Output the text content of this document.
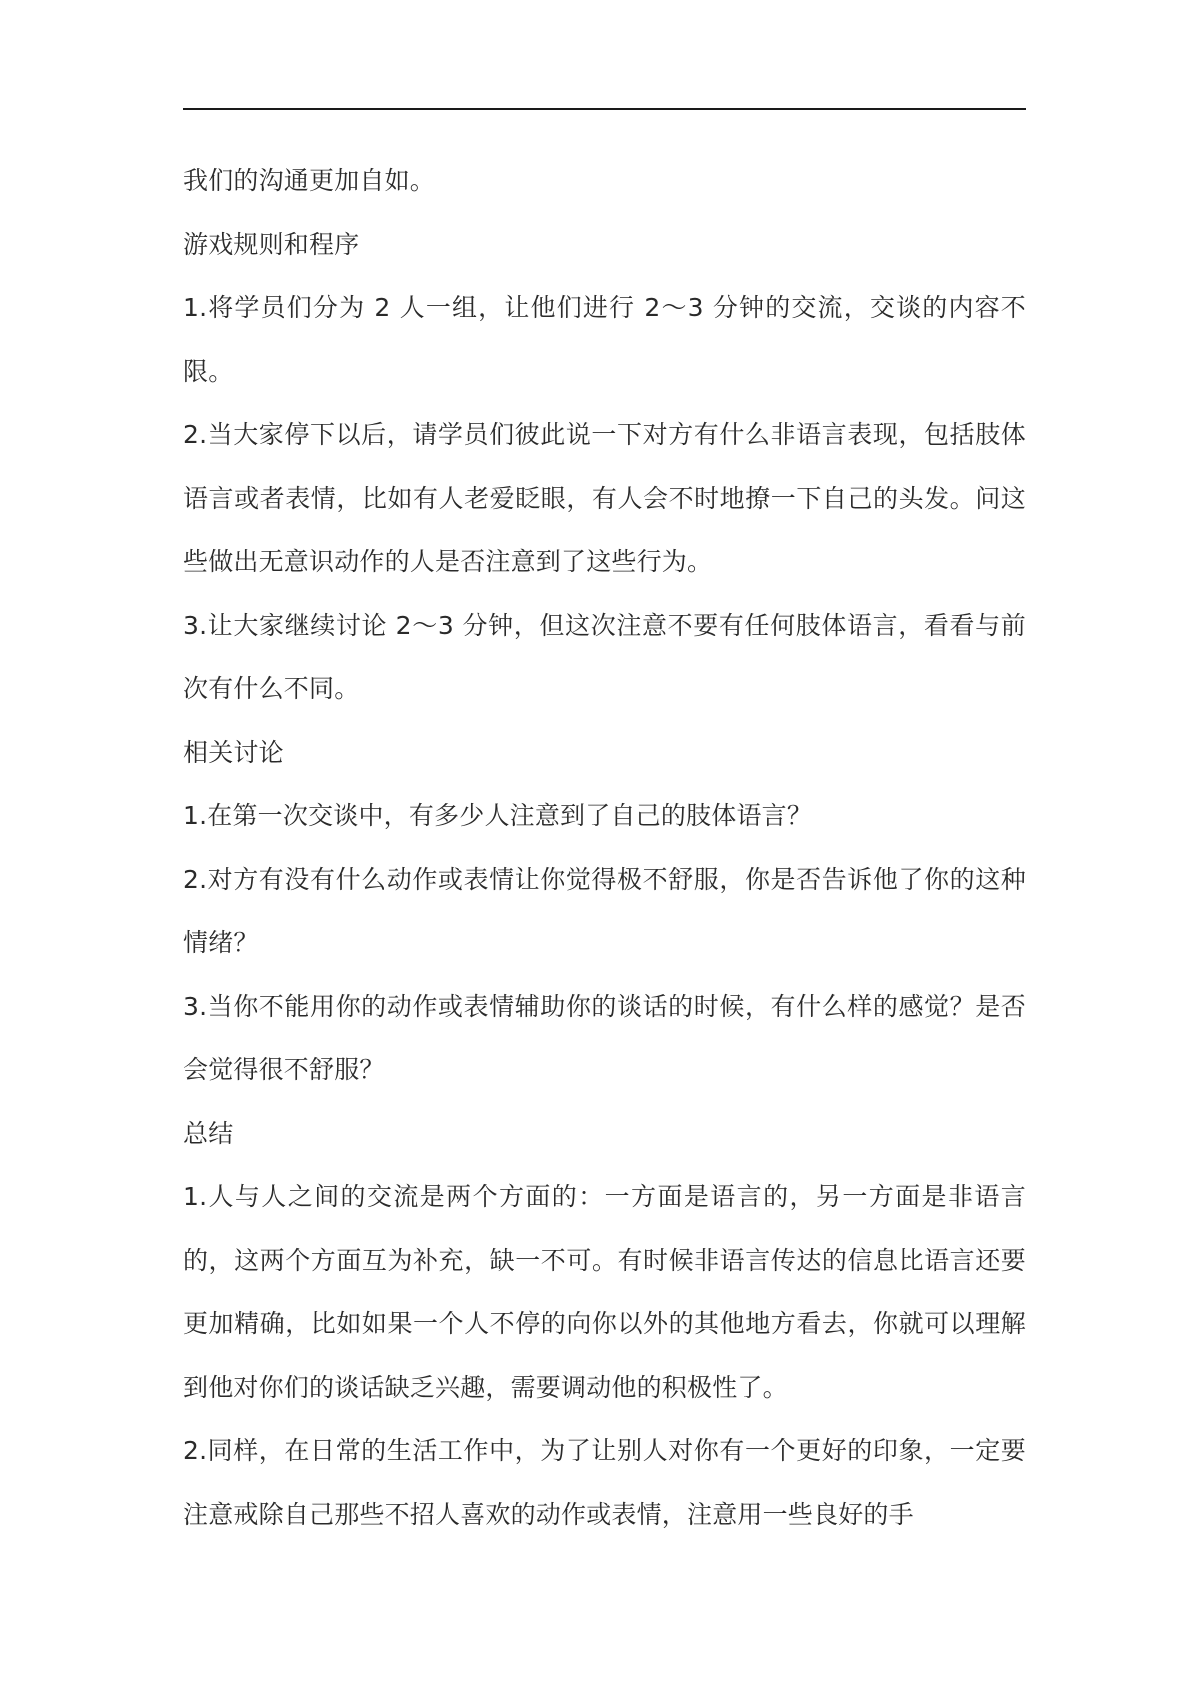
我们的沟通更加自如。

游戏规则和程序

1.将学员们分为 2 人一组，让他们进行 2～3 分钟的交流，交谈的内容不限。

2.当大家停下以后，请学员们彼此说一下对方有什么非语言表现，包括肢体语言或者表情，比如有人老爱眨眼，有人会不时地撩一下自己的头发。问这些做出无意识动作的人是否注意到了这些行为。

3.让大家继续讨论 2～3 分钟，但这次注意不要有任何肢体语言，看看与前次有什么不同。

相关讨论

1.在第一次交谈中，有多少人注意到了自己的肢体语言？

2.对方有没有什么动作或表情让你觉得极不舒服，你是否告诉他了你的这种情绪？

3.当你不能用你的动作或表情辅助你的谈话的时候，有什么样的感觉？是否会觉得很不舒服？

总结

1.人与人之间的交流是两个方面的：一方面是语言的，另一方面是非语言的，这两个方面互为补充，缺一不可。有时候非语言传达的信息比语言还要更加精确，比如如果一个人不停的向你以外的其他地方看去，你就可以理解到他对你们的谈话缺乏兴趣，需要调动他的积极性了。

2.同样，在日常的生活工作中，为了让别人对你有一个更好的印象，一定要注意戒除自己那些不招人喜欢的动作或表情，注意用一些良好的手
